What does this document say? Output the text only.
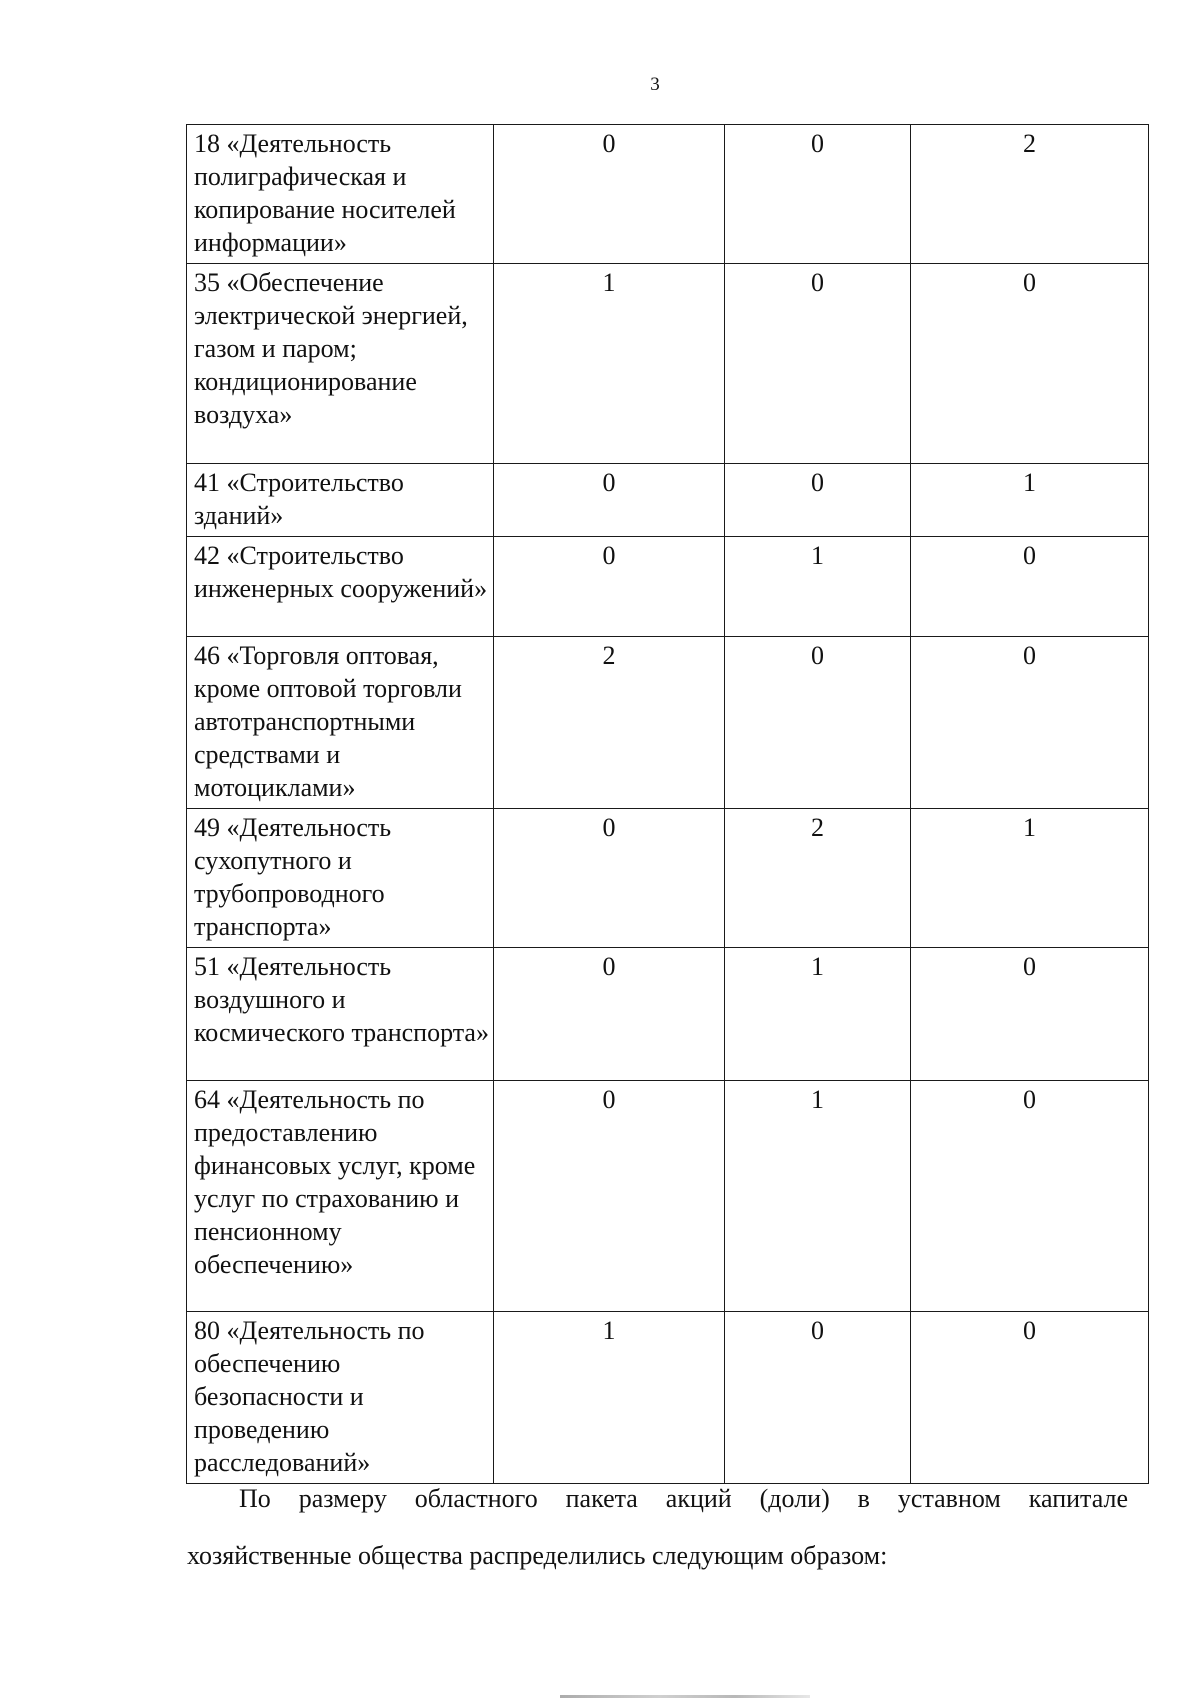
3
18 «Деятельность полиграфическая и копирование носителей информации»	0	0	2
35 «Обеспечение электрической энергией, газом и паром; кондиционирование воздуха»	1	0	0
41 «Строительство зданий»	0	0	1
42 «Строительство инженерных сооружений»	0	1	0
46 «Торговля оптовая, кроме оптовой торговли автотранспортными средствами и мотоциклами»	2	0	0
49 «Деятельность сухопутного и трубопроводного транспорта»	0	2	1
51 «Деятельность воздушного и космического транспорта»	0	1	0
64 «Деятельность по предоставлению финансовых услуг, кроме услуг по страхованию и пенсионному обеспечению»	0	1	0
80 «Деятельность по обеспечению безопасности и проведению расследований»	1	0	0
По размеру областного пакета акций (доли) в уставном капитале
хозяйственные общества распределились следующим образом:
